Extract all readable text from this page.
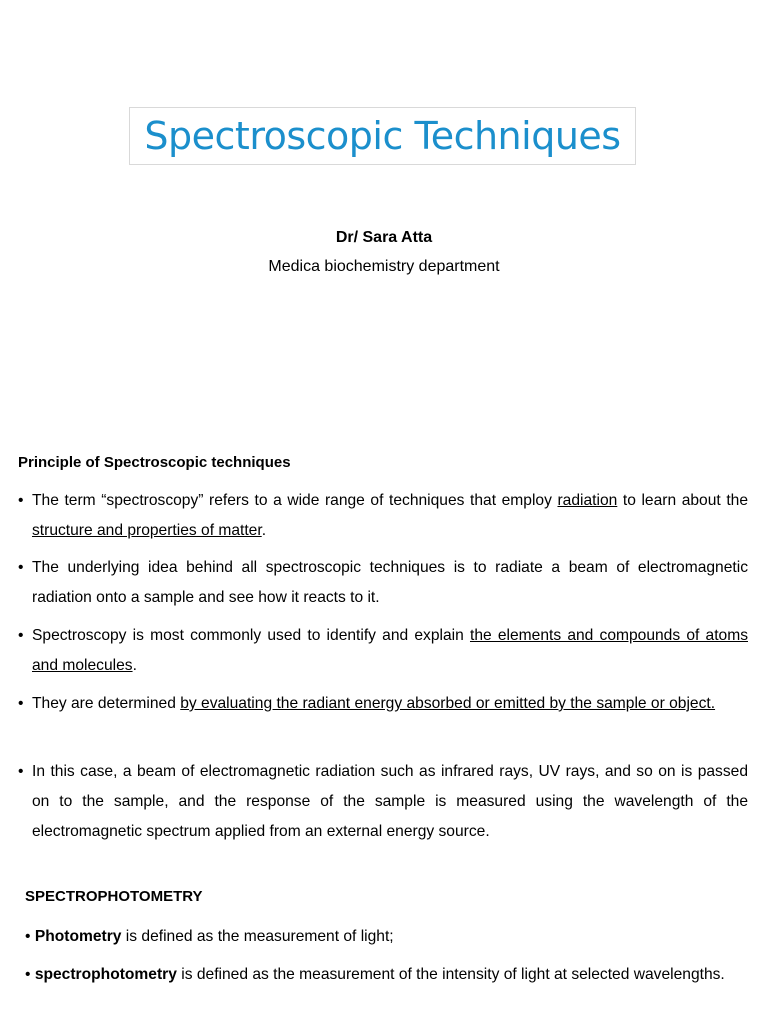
Spectroscopic Techniques
Dr/ Sara Atta
Medica biochemistry department
Principle of Spectroscopic techniques
• The term “spectroscopy” refers to a wide range of techniques that employ radiation to learn about the structure and properties of matter.
• The underlying idea behind all spectroscopic techniques is to radiate a beam of electromagnetic radiation onto a sample and see how it reacts to it.
• Spectroscopy is most commonly used to identify and explain the elements and compounds of atoms and molecules.
• They are determined by evaluating the radiant energy absorbed or emitted by the sample or object.
• In this case, a beam of electromagnetic radiation such as infrared rays, UV rays, and so on is passed on to the sample, and the response of the sample is measured using the wavelength of the electromagnetic spectrum applied from an external energy source.
SPECTROPHOTOMETRY
• Photometry is defined as the measurement of light;
• spectrophotometry is defined as the measurement of the intensity of light at selected wavelengths.
